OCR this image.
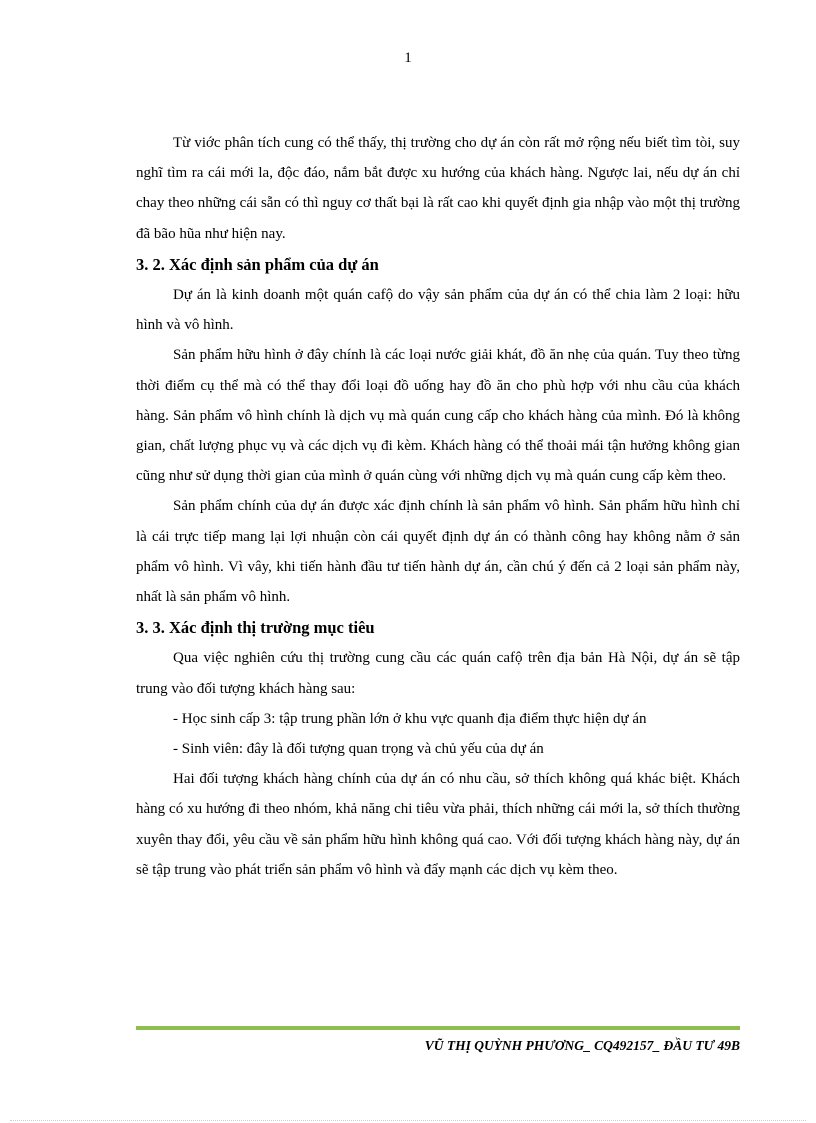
1

Từ viớc phân tích cung có thể thấy, thị trường cho dự án còn rất mở rộng nếu biết tìm tòi, suy nghĩ tìm ra cái mới la, độc đáo, nắm bắt được xu hướng của khách hàng. Ngược lai, nếu dự án chỉ chay theo những cái sẵn có thì nguy cơ thất bại là rất cao khi quyết định gia nhập vào một thị trường đã bão hũa như hiện nay.

3. 2. Xác định sản phẩm của dự án

Dự án là kinh doanh một quán cafộ do vậy sản phẩm của dự án có thể chia làm 2 loại: hữu hình và vô hình.

Sản phẩm hữu hình ở đây chính là các loại nước giải khát, đồ ăn nhẹ của quán. Tuy theo từng thời điểm cụ thể mà có thể thay đổi loại đồ uống hay đồ ăn cho phù hợp với nhu cầu của khách hàng. Sản phẩm vô hình chính là dịch vụ mà quán cung cấp cho khách hàng của mình. Đó là không gian, chất lượng phục vụ và các dịch vụ đi kèm. Khách hàng có thể thoải mái tận hưởng không gian cũng như sử dụng thời gian của mình ở quán cùng với những dịch vụ mà quán cung cấp kèm theo.

Sản phẩm chính của dự án được xác định chính là sản phẩm vô hình. Sản phẩm hữu hình chỉ là cái trực tiếp mang lại lợi nhuận còn cái quyết định dự án có thành công hay không nằm ở sản phẩm vô hình. Vì vây, khi tiến hành đầu tư tiến hành dự án, cần chú ý đến cả 2 loại sản phẩm này, nhất là sản phẩm vô hình.

3. 3. Xác định thị trường mục tiêu

Qua việc nghiên cứu thị trường cung cầu các quán cafộ trên địa bản Hà Nội, dự án sẽ tập trung vào đối tượng khách hàng sau:

- Học sinh cấp 3: tập trung phần lớn ở khu vực quanh địa điểm thực hiện dự án

- Sinh viên: đây là đối tượng quan trọng và chủ yếu của dự án

Hai đối tượng khách hàng chính của dự án có nhu cầu, sở thích không quá khác biệt. Khách hàng có xu hướng đi theo nhóm, khả năng chi tiêu vừa phải, thích những cái mới la, sở thích thường xuyên thay đổi, yêu cầu về sản phẩm hữu hình không quá cao. Với đối tượng khách hàng này, dự án sẽ tập trung vào phát triển sản phẩm vô hình và đẩy mạnh các dịch vụ kèm theo.

VŨ THỊ QUỲNH PHƯƠNG_ CQ492157_ ĐẦU TƯ 49B
